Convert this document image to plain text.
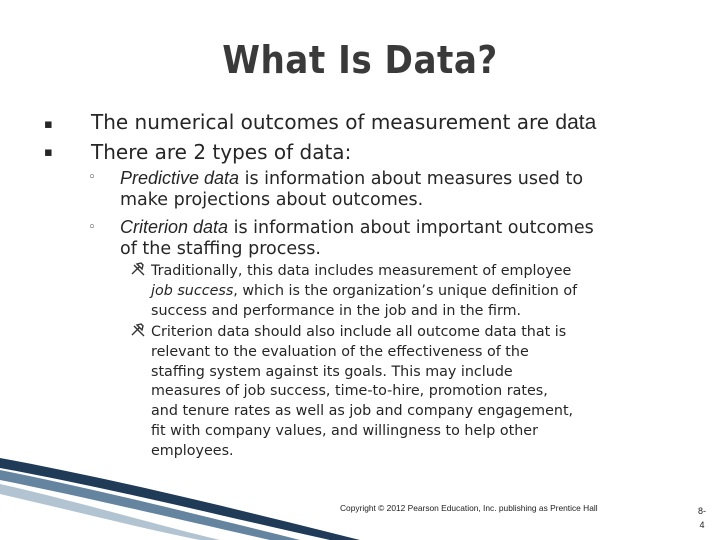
What Is Data?
▪ The numerical outcomes of measurement are data
▪ There are 2 types of data:
◦ Predictive data is information about measures used to
make projections about outcomes.
◦ Criterion data is information about important outcomes
of the staffing process.
Traditionally, this data includes measurement of employee
job success, which is the organization’s unique definition of
success and performance in the job and in the firm.
Criterion data should also include all outcome data that is
relevant to the evaluation of the effectiveness of the
staffing system against its goals. This may include
measures of job success, time-to-hire, promotion rates,
and tenure rates as well as job and company engagement,
fit with company values, and willingness to help other
employees.
Copyright © 2012 Pearson Education, Inc. publishing as Prentice Hall	8-
4
